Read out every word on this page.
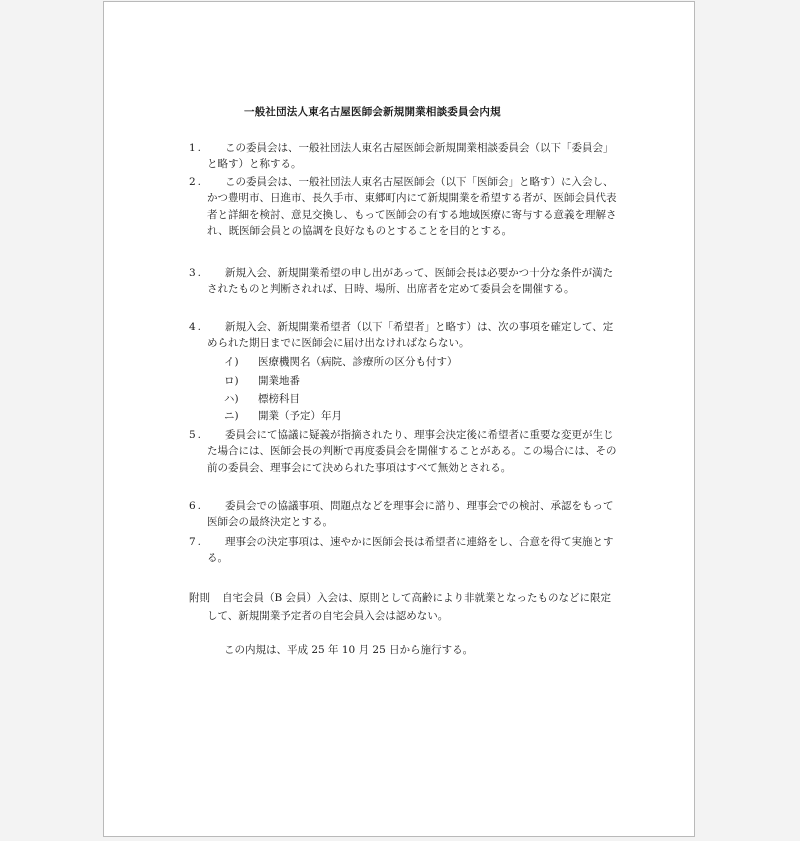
一般社団法人東名古屋医師会新規開業相談委員会内規
1.	この委員会は、一般社団法人東名古屋医師会新規開業相談委員会（以下「委員会」と略す）と称する。
2.	この委員会は、一般社団法人東名古屋医師会（以下「医師会」と略す）に入会し、かつ豊明市、日進市、長久手市、東郷町内にて新規開業を希望する者が、医師会員代表者と詳細を検討、意見交換し、もって医師会の有する地域医療に寄与する意義を理解され、既医師会員との協調を良好なものとすることを目的とする。
3.	新規入会、新規開業希望の申し出があって、医師会長は必要かつ十分な条件が満たされたものと判断されれば、日時、場所、出席者を定めて委員会を開催する。
4.	新規入会、新規開業希望者（以下「希望者」と略す）は、次の事項を確定して、定められた期日までに医師会に届け出なければならない。
イ) 医療機関名（病院、診療所の区分も付す）
ロ) 開業地番
ハ) 標榜科目
ニ) 開業（予定）年月
5.	委員会にて協議に疑義が指摘されたり、理事会決定後に希望者に重要な変更が生じた場合には、医師会長の判断で再度委員会を開催することがある。この場合には、その前の委員会、理事会にて決められた事項はすべて無効とされる。
6.	委員会での協議事項、問題点などを理事会に諮り、理事会での検討、承認をもって医師会の最終決定とする。
7.	理事会の決定事項は、速やかに医師会長は希望者に連絡をし、合意を得て実施とする。
附則	自宅会員（B 会員）入会は、原則として高齢により非就業となったものなどに限定して、新規開業予定者の自宅会員入会は認めない。
この内規は、平成 25 年 10 月 25 日から施行する。
